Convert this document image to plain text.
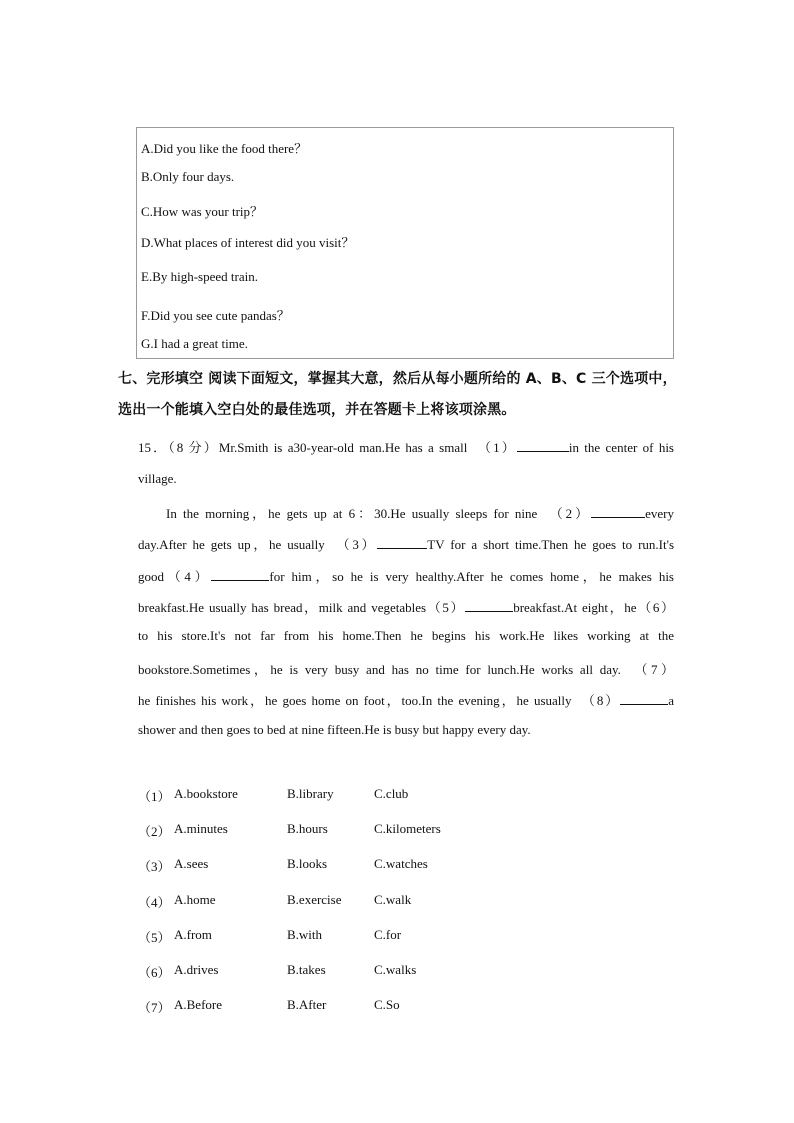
A.Did you like the food there？
B.Only four days.
C.How was your trip？
D.What places of interest did you visit？
E.By high-speed train.
F.Did you see cute pandas？
G.I had a great time.
七、完形填空 阅读下面短文，掌握其大意，然后从每小题所给的 A、B、C 三个选项中，
选出一个能填入空白处的最佳选项，并在答题卡上将该项涂黑。
15．（8 分）Mr.Smith is a30-year-old man.He has a small　（1）	in the center of his
village.
In the morning，he gets up at 6：30.He usually sleeps for nine　（2）	every
day.After he gets up，he usually　（3）	TV for a short time.Then he goes to run.It's
good（4）	for him，so he is very healthy.After he comes home，he makes his
breakfast.He usually has bread，milk and vegetables（5）	breakfast.At eight，he（6）
to his store.It's not far from his home.Then he begins his work.He likes working at the
bookstore.Sometimes，he is very busy and has no time for lunch.He works all day.　（7）
he finishes his work，he goes home on foot，too.In the evening，he usually　（8）	a
shower and then goes to bed at nine fifteen.He is busy but happy every day.
（1） A.bookstore	B.library	C.club
（2） A.minutes	B.hours	C.kilometers
（3） A.sees	B.looks	C.watches
（4） A.home	B.exercise C.walk
（5） A.from	B.with	C.for
（6） A.drives	B.takes	C.walks
（7） A.Before	B.After	C.So
